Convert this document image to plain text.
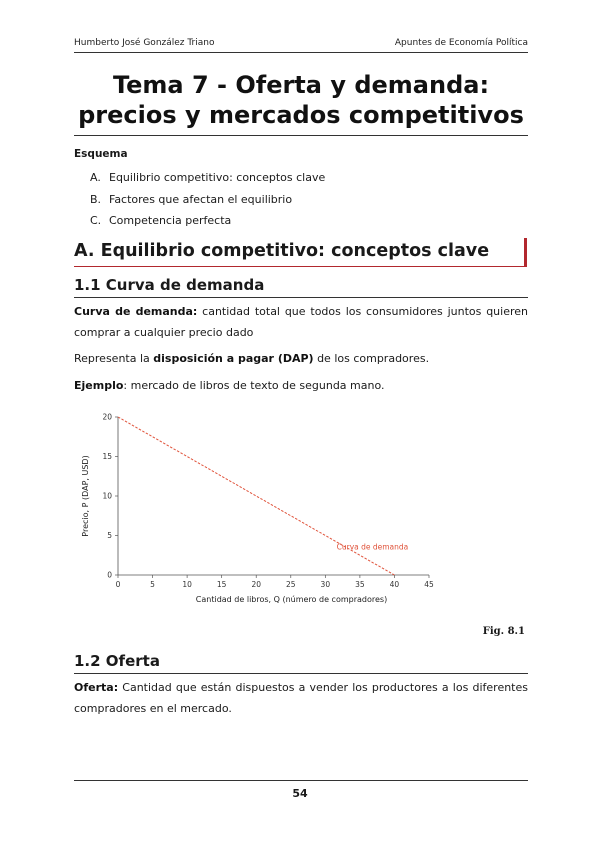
Humberto José González Triano	Apuntes de Economía Política
Tema 7 - Oferta y demanda: precios y mercados competitivos
Esquema
A. Equilibrio competitivo: conceptos clave
B. Factores que afectan el equilibrio
C. Competencia perfecta
A. Equilibrio competitivo: conceptos clave
1.1 Curva de demanda
Curva de demanda: cantidad total que todos los consumidores juntos quieren comprar a cualquier precio dado
Representa la disposición a pagar (DAP) de los compradores.
Ejemplo: mercado de libros de texto de segunda mano.
0	5	10	15	20	25	30	35	40	45
0
5
10
15
20
Cantidad de libros, Q (número de compradores)
Precio, P (DAP, USD)
Curva de demanda
Fig. 8.1
1.2 Oferta
Oferta: Cantidad que están dispuestos a vender los productores a los diferentes compradores en el mercado.
54
